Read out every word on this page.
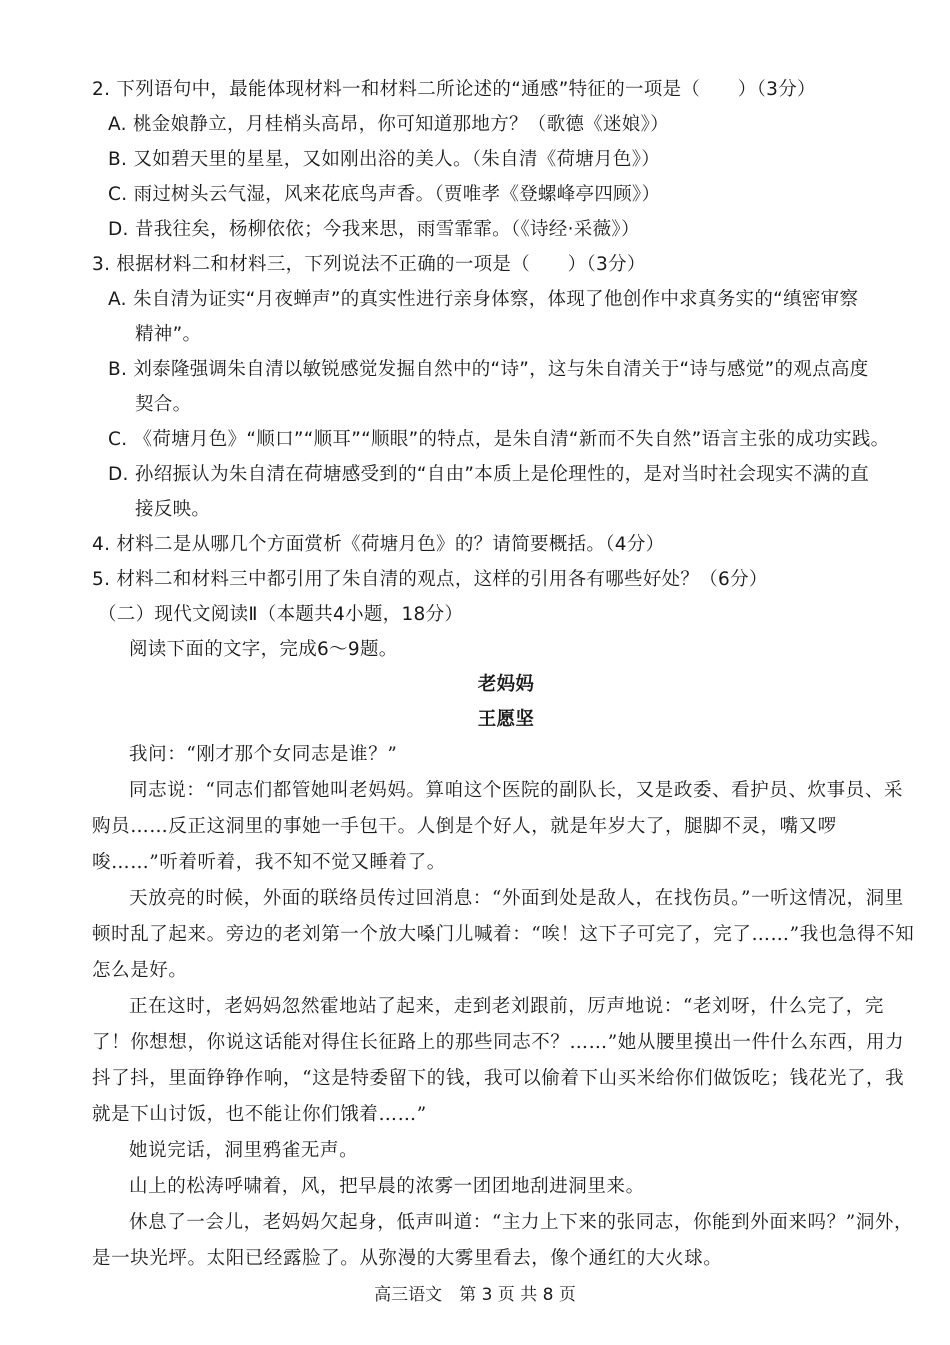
2. 下列语句中，最能体现材料一和材料二所论述的“通感”特征的一项是（　　）（3分）

A. 桃金娘静立，月桂梢头高昂，你可知道那地方？（歌德《迷娘》）

B. 又如碧天里的星星，又如刚出浴的美人。（朱自清《荷塘月色》）

C. 雨过树头云气湿，风来花底鸟声香。（贾唯孝《登螺峰亭四顾》）

D. 昔我往矣，杨柳依依；今我来思，雨雪霏霏。（《诗经·采薇》）

3. 根据材料二和材料三，下列说法不正确的一项是（　　）（3分）

A. 朱自清为证实“月夜蝉声”的真实性进行亲身体察，体现了他创作中求真务实的“缜密审察

精神”。

B. 刘泰隆强调朱自清以敏锐感觉发掘自然中的“诗”，这与朱自清关于“诗与感觉”的观点高度

契合。

C. 《荷塘月色》“顺口”“顺耳”“顺眼”的特点，是朱自清“新而不失自然”语言主张的成功实践。

D. 孙绍振认为朱自清在荷塘感受到的“自由”本质上是伦理性的，是对当时社会现实不满的直

接反映。

4. 材料二是从哪几个方面赏析《荷塘月色》的？请简要概括。（4分）

5. 材料二和材料三中都引用了朱自清的观点，这样的引用各有哪些好处？（6分）

（二）现代文阅读Ⅱ（本题共4小题，18分）

阅读下面的文字，完成6～9题。

老妈妈

王愿坚

我问：“刚才那个女同志是谁？”

同志说：“同志们都管她叫老妈妈。算咱这个医院的副队长，又是政委、看护员、炊事员、采购员……反正这洞里的事她一手包干。人倒是个好人，就是年岁大了，腿脚不灵，嘴又啰唆……”听着听着，我不知不觉又睡着了。

天放亮的时候，外面的联络员传过回消息：“外面到处是敌人，在找伤员。”一听这情况，洞里顿时乱了起来。旁边的老刘第一个放大嗓门儿喊着：“唉！这下子可完了，完了……”我也急得不知怎么是好。

正在这时，老妈妈忽然霍地站了起来，走到老刘跟前，厉声地说：“老刘呀，什么完了，完了！你想想，你说这话能对得住长征路上的那些同志不？……”她从腰里摸出一件什么东西，用力抖了抖，里面铮铮作响，“这是特委留下的钱，我可以偷着下山买米给你们做饭吃；钱花光了，我就是下山讨饭，也不能让你们饿着……”

她说完话，洞里鸦雀无声。

山上的松涛呼啸着，风，把早晨的浓雾一团团地刮进洞里来。

休息了一会儿，老妈妈欠起身，低声叫道：“主力上下来的张同志，你能到外面来吗？”洞外，是一块光坪。太阳已经露脸了。从弥漫的大雾里看去，像个通红的大火球。

高三语文　第 3 页 共 8 页
